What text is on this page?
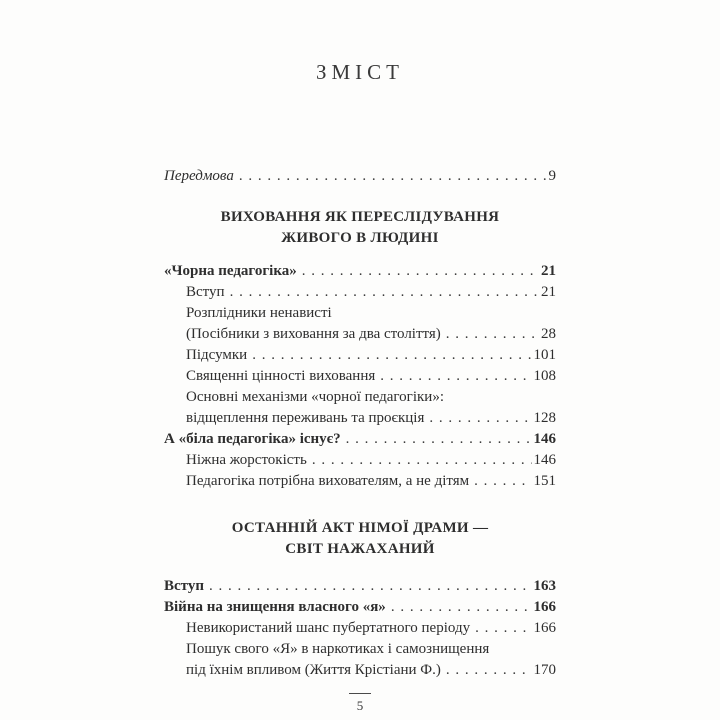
ЗМІСТ
Передмова . . .	9
ВИХОВАННЯ ЯК ПЕРЕСЛІДУВАННЯ
ЖИВОГО В ЛЮДИНІ
«Чорна педагогіка» . . .	21
Вступ . . .	21
Розплідники ненависті
(Посібники з виховання за два століття) . . .	28
Підсумки . . .	101
Священні цінності виховання . . .	108
Основні механізми «чорної педагогіки»:
відщеплення переживань та проєкція . . .	128
А «біла педагогіка» існує? . . .	146
Ніжна жорстокість . . .	146
Педагогіка потрібна вихователям, а не дітям . . .	151
ОСТАННІЙ АКТ НІМОЇ ДРАМИ —
СВІТ НАЖАХАНИЙ
Вступ . . .	163
Війна на знищення власного «я» . . .	166
Невикористаний шанс пубертатного періоду . . .	166
Пошук свого «Я» в наркотиках і самознищення
під їхнім впливом (Життя Крістіани Ф.) . . .	170
5
